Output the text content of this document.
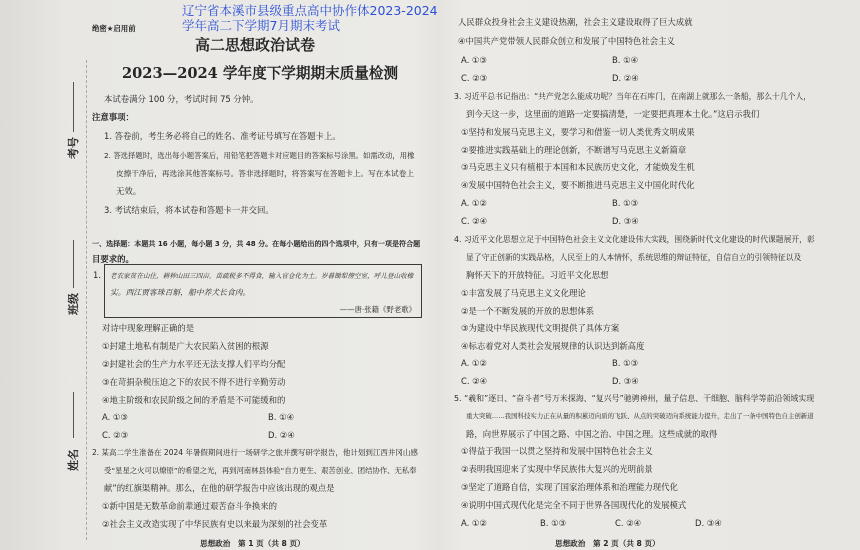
辽宁省本溪市县级重点高中协作体2023-2024
学年高二下学期7月期末考试
考号
班级
姓名
绝密★启用前
高二思想政治试卷
2023—2024 学年度下学期期末质量检测
本试卷满分 100 分，考试时间 75 分钟。
注意事项：
1. 答卷前，考生务必将自己的姓名、准考证号填写在答题卡上。
2. 答选择题时，选出每小题答案后，用铅笔把答题卡对应题目的答案标号涂黑。如需改动，用橡
皮擦干净后，再选涂其他答案标号。答非选择题时，将答案写在答题卡上。写在本试卷上
无效。
3. 考试结束后，将本试卷和答题卡一并交回。
一、选择题：本题共 16 小题，每小题 3 分，共 48 分。在每小题给出的四个选项中，只有一项是符合题
目要求的。
1.	老农家贫在山住，耕种山田三四亩。苗疏税多不得食，输入官仓化为土。岁暮锄犁傍空室，呼儿登山收橡
实。西江贾客珠百斛，船中养犬长食肉。
——唐·张籍《野老歌》
对诗中现象理解正确的是
①封建土地私有制是广大农民陷入贫困的根源
②封建社会的生产力水平还无法支撑人们平均分配
③在苛捐杂税压迫之下的农民不得不进行辛勤劳动
④地主阶级和农民阶级之间的矛盾是不可能缓和的
A. ①③	B. ①④
C. ②③	D. ②④
2. 某高二学生准备在 2024 年暑假期间进行一场研学之旅并撰写研学报告，他计划到江西井冈山感
受“星星之火可以燎原”的希望之光，再到河南林县体验“自力更生、艰苦创业、团结协作、无私奉
献”的红旗渠精神。那么，在他的研学报告中应该出现的观点是
①新中国是无数革命前辈通过艰苦奋斗争换来的
②社会主义改造实现了中华民族有史以来最为深刻的社会变革
思想政治　第 1 页（共 8 页）
人民群众投身社会主义建设热潮，社会主义建设取得了巨大成就
④中国共产党带领人民群众创立和发展了中国特色社会主义
A. ①③	B. ①④
C. ②③	D. ②④
3. 习近平总书记指出：“共产党怎么能成功呢？当年在石库门，在南湖上就那么一条船，那么十几个人，
到今天这一步，这里面的道路一定要搞清楚，一定要把真理本土化。”这启示我们
①坚持和发展马克思主义，要学习和借鉴一切人类优秀文明成果
②要推进实践基础上的理论创新，不断谱写马克思主义新篇章
③马克思主义只有植根于本国和本民族历史文化，才能焕发生机
④发展中国特色社会主义，要不断推进马克思主义中国化时代化
A. ①②	B. ①③
C. ②④	D. ③④
4. 习近平文化思想立足于中国特色社会主义文化建设伟大实践，围绕新时代文化建设的时代课题展开，彰
显了守正创新的实践品格，人民至上的人本情怀，系统思维的辩证特征，自信自立的引领特征以及
胸怀天下的开放特征。习近平文化思想
①丰富发展了马克思主义文化理论
②是一个不断发展的开放的思想体系
③为建设中华民族现代文明提供了具体方案
④标志着党对人类社会发展规律的认识达到新高度
A. ①②	B. ①③
C. ②④	D. ③④
5. “羲和”逐日、“奋斗者”号万米探海、“复兴号”驰骋神州，量子信息、干细胞、脑科学等前沿领域实现
重大突破……我国科技实力正在从量的积累迈向质的飞跃、从点的突破迈向系统能力提升，走出了一条中国特色自主创新道
路，向世界展示了中国之路、中国之治、中国之理。这些成就的取得
①得益于我国一以贯之坚持和发展中国特色社会主义
②表明我国迎来了实现中华民族伟大复兴的光明前景
③坚定了道路自信，实现了国家治理体系和治理能力现代化
④说明中国式现代化是完全不同于世界各国现代化的发展模式
A. ①②	B. ①③	C. ②④	D. ③④
思想政治　第 2 页（共 8 页）
